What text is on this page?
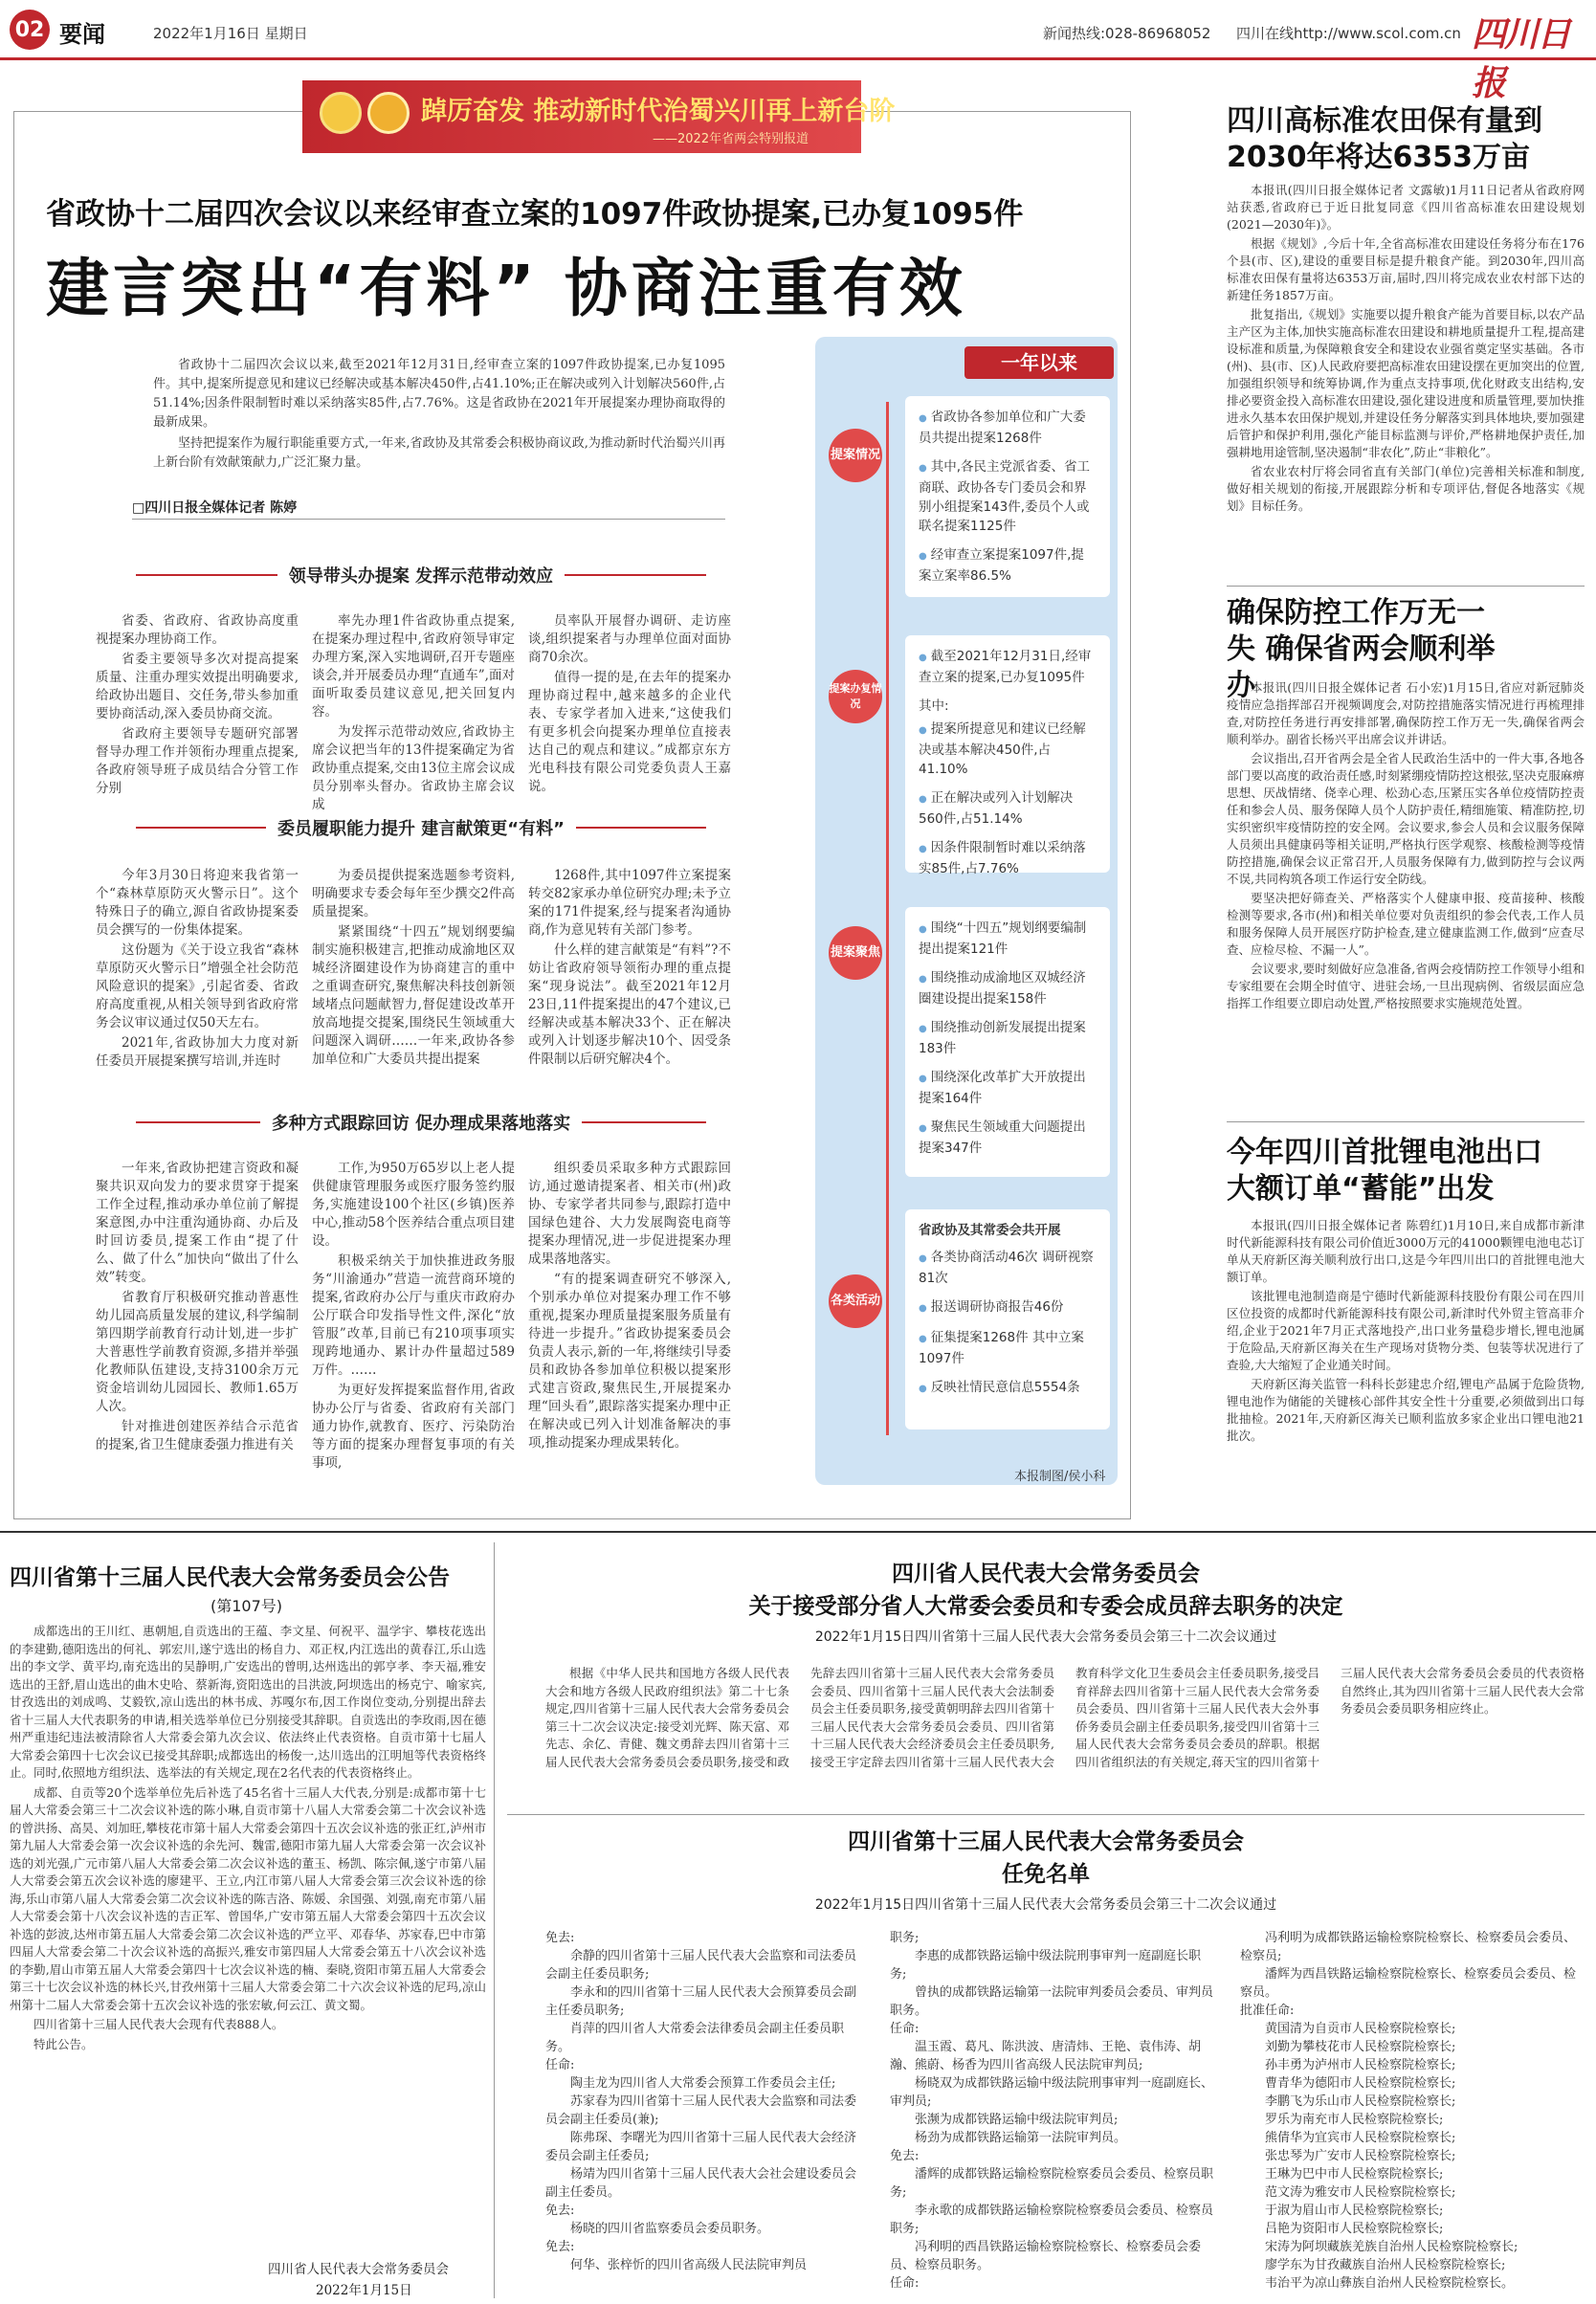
02 要闻	2022年1月16日 星期日	新闻热线:028-86968052 四川在线http://www.scol.com.cn 四川日报
踔厉奋发 推动新时代治蜀兴川再上新台阶
——2022年省两会特别报道
省政协十二届四次会议以来经审查立案的1097件政协提案,已办复1095件
建言突出“有料” 协商注重有效

省政协十二届四次会议以来,截至2021年12月31日,经审查立案的1097件政协提案,已办复1095件。其中,提案所提意见和建议已经解决或基本解决450件,占41.10%;正在解决或列入计划解决560件,占51.14%;因条件限制暂时难以采纳落实85件,占7.76%。这是省政协在2021年开展提案办理协商取得的最新成果。

坚持把提案作为履行职能重要方式,一年来,省政协及其常委会积极协商议政,为推动新时代治蜀兴川再上新台阶有效献策献力,广泛汇聚力量。

□四川日报全媒体记者 陈婷
领导带头办提案 发挥示范带动效应

省委、省政府、省政协高度重视提案办理协商工作。

省委主要领导多次对提高提案质量、注重办理实效提出明确要求,给政协出题目、交任务,带头参加重要协商活动,深入委员协商交流。

省政府主要领导专题研究部署督导办理工作并领衔办理重点提案,各政府领导班子成员结合分管工作分别

率先办理1件省政协重点提案,在提案办理过程中,省政府领导审定办理方案,深入实地调研,召开专题座谈会,并开展委员办理“直通车”,面对面听取委员建议意见,把关回复内容。

为发挥示范带动效应,省政协主席会议把当年的13件提案确定为省政协重点提案,交由13位主席会议成员分别率头督办。省政协主席会议成

员率队开展督办调研、走访座谈,组织提案者与办理单位面对面协商70余次。

值得一提的是,在去年的提案办理协商过程中,越来越多的企业代表、专家学者加入进来,“这使我们有更多机会向提案办理单位直接表达自己的观点和建议。”成都京东方光电科技有限公司党委负责人王嘉说。

委员履职能力提升 建言献策更“有料”

今年3月30日将迎来我省第一个“森林草原防灭火警示日”。这个特殊日子的确立,源自省政协提案委员会撰写的一份集体提案。

这份题为《关于设立我省“森林草原防灭火警示日”增强全社会防范风险意识的提案》,引起省委、省政府高度重视,从相关领导到省政府常务会议审议通过仅50天左右。

2021年,省政协加大力度对新任委员开展提案撰写培训,并连时

为委员提供提案选题参考资料,明确要求专委会每年至少撰交2件高质量提案。

紧紧围绕“十四五”规划纲要编制实施积极建言,把推动成渝地区双城经济圈建设作为协商建言的重中之重调查研究,聚焦解决科技创新领域堵点问题献智力,督促建设改革开放高地提交提案,围绕民生领域重大问题深入调研……一年来,政协各参加单位和广大委员共提出提案

1268件,其中1097件立案提案转交82家承办单位研究办理;未予立案的171件提案,经与提案者沟通协商,作为意见转有关部门参考。

什么样的建言献策是“有料”?不妨让省政府领导领衔办理的重点提案“现身说法”。截至2021年12月23日,11件提案提出的47个建议,已经解决或基本解决33个、正在解决或列入计划逐步解决10个、因受条件限制以后研究解决4个。

多种方式跟踪回访 促办理成果落地落实

一年来,省政协把建言资政和凝聚共识双向发力的要求贯穿于提案工作全过程,推动承办单位前了解提案意图,办中注重沟通协商、办后及时回访委员,提案工作由“提了什么、做了什么”加快向“做出了什么效”转变。

省教育厅积极研究推动普惠性幼儿园高质量发展的建议,科学编制第四期学前教育行动计划,进一步扩大普惠性学前教育资源,多措并举强化教师队伍建设,支持3100余万元资金培训幼儿园园长、教师1.65万人次。

针对推进创建医养结合示范省的提案,省卫生健康委强力推进有关

工作,为950万65岁以上老人提供健康管理服务或医疗服务签约服务,实施建设100个社区(乡镇)医养中心,推动58个医养结合重点项目建设。

积极采纳关于加快推进政务服务“川渝通办”营造一流营商环境的提案,省政府办公厅与重庆市政府办公厅联合印发指导性文件,深化“放管服”改革,目前已有210项事项实现跨地通办、累计办件量超过589万件。……

为更好发挥提案监督作用,省政协办公厅与省委、省政府有关部门通力协作,就教育、医疗、污染防治等方面的提案办理督复事项的有关事项,

组织委员采取多种方式跟踪回访,通过邀请提案者、相关市(州)政协、专家学者共同参与,跟踪打造中国绿色建谷、大力发展陶瓷电商等提案办理情况,进一步促进提案办理成果落地落实。

“有的提案调查研究不够深入,个别承办单位对提案办理工作不够重视,提案办理质量提案服务质量有待进一步提升。”省政协提案委员会负责人表示,新的一年,将继续引导委员和政协各参加单位积极以提案形式建言资政,聚焦民生,开展提案办理“回头看”,跟踪落实提案办理中正在解决或已列入计划准备解决的事项,推动提案办理成果转化。

一年以来
提案情况
提案办复情况
提案聚焦
各类活动
● 省政协各参加单位和广大委员共提出提案1268件
● 其中,各民主党派省委、省工商联、政协各专门委员会和界别小组提案143件,委员个人或联名提案1125件
● 经审查立案提案1097件,提案立案率86.5%
● 截至2021年12月31日,经审查立案的提案,已办复1095件
其中:
● 提案所提意见和建议已经解决或基本解决450件,占41.10%
● 正在解决或列入计划解决560件,占51.14%
● 因条件限制暂时难以采纳落实85件,占7.76%
● 围绕“十四五”规划纲要编制提出提案121件
● 围绕推动成渝地区双城经济圈建设提出提案158件
● 围绕推动创新发展提出提案183件
● 围绕深化改革扩大开放提出提案164件
● 聚焦民生领域重大问题提出提案347件
省政协及其常委会共开展
● 各类协商活动46次 调研视察81次
● 报送调研协商报告46份
● 征集提案1268件 其中立案1097件
● 反映社情民意信息5554条
本报制图/侯小科
四川高标准农田保有量到2030年将达6353万亩

本报讯(四川日报全媒体记者 文露敏)1月11日记者从省政府网站获悉,省政府已于近日批复同意《四川省高标准农田建设规划(2021—2030年)》。

根据《规划》,今后十年,全省高标准农田建设任务将分布在176个县(市、区),建设的重要目标是提升粮食产能。到2030年,四川高标准农田保有量将达6353万亩,届时,四川将完成农业农村部下达的新建任务1857万亩。

批复指出,《规划》实施要以提升粮食产能为首要目标,以农产品主产区为主体,加快实施高标准农田建设和耕地质量提升工程,提高建设标准和质量,为保障粮食安全和建设农业强省奠定坚实基础。各市(州)、县(市、区)人民政府要把高标准农田建设摆在更加突出的位置,加强组织领导和统筹协调,作为重点支持事项,优化财政支出结构,安排必要资金投入高标准农田建设,强化建设进度和质量管理,要加快推进永久基本农田保护规划,并建设任务分解落实到具体地块,要加强建后管护和保护利用,强化产能目标监测与评价,严格耕地保护责任,加强耕地用途管制,坚决遏制“非农化”,防止“非粮化”。

省农业农村厅将会同省直有关部门(单位)完善相关标准和制度,做好相关规划的衔接,开展跟踪分析和专项评估,督促各地落实《规划》目标任务。

确保防控工作万无一失 确保省两会顺利举办

本报讯(四川日报全媒体记者 石小宏)1月15日,省应对新冠肺炎疫情应急指挥部召开视频调度会,对防控措施落实情况进行再梳理排查,对防控任务进行再安排部署,确保防控工作万无一失,确保省两会顺利举办。副省长杨兴平出席会议并讲话。

会议指出,召开省两会是全省人民政治生活中的一件大事,各地各部门要以高度的政治责任感,时刻紧绷疫情防控这根弦,坚决克服麻痹思想、厌战情绪、侥幸心理、松劲心态,压紧压实各单位疫情防控责任和参会人员、服务保障人员个人防护责任,精细施策、精准防控,切实织密织牢疫情防控的安全网。会议要求,参会人员和会议服务保障人员须出具健康码等相关证明,严格执行医学观察、核酸检测等疫情防控措施,确保会议正常召开,人员服务保障有力,做到防控与会议两不误,共同构筑各项工作运行安全防线。

要坚决把好筛查关、严格落实个人健康申报、疫苗接种、核酸检测等要求,各市(州)和相关单位要对负责组织的参会代表,工作人员和服务保障人员开展医疗防护检查,建立健康监测工作,做到“应查尽查、应检尽检、不漏一人”。

会议要求,要时刻做好应急准备,省两会疫情防控工作领导小组和专家组要在会期全时值守、进驻会场,一旦出现病例、省级层面应急指挥工作组要立即启动处置,严格按照要求实施规范处置。

今年四川首批锂电池出口大额订单“蓄能”出发

本报讯(四川日报全媒体记者 陈碧红)1月10日,来自成都市新津时代新能源科技有限公司价值近3000万元的41000颗锂电池电芯订单从天府新区海关顺利放行出口,这是今年四川出口的首批锂电池大额订单。

该批锂电池制造商是宁德时代新能源科技股份有限公司在四川区位投资的成都时代新能源科技有限公司,新津时代外贸主管高菲介绍,企业于2021年7月正式落地投产,出口业务量稳步增长,锂电池属于危险品,天府新区海关在生产现场对货物分类、包装等状况进行了查验,大大缩短了企业通关时间。

天府新区海关监管一科科长彭建忠介绍,锂电产品属于危险货物,锂电池作为储能的关键核心部件其安全性十分重要,必须做到出口每批抽检。2021年,天府新区海关已顺利监放多家企业出口锂电池21批次。

四川省第十三届人民代表大会常务委员会公告
(第107号)

成都选出的王川红、惠朝旭,自贡选出的王蕴、李文星、何祝平、温学宇、攀枝花选出的李建勤,德阳选出的何礼、郭宏川,遂宁选出的杨自力、邓正权,内江选出的黄春江,乐山选出的李文学、黄平均,南充选出的吴静明,广安选出的曾明,达州选出的郭亨孝、李天福,雅安选出的王舒,眉山选出的曲木史哈、蔡新海,资阳选出的吕洪波,阿坝选出的杨克宁、喻家宾,甘孜选出的刘成鸣、艾毅钦,凉山选出的林书成、苏嘎尔布,因工作岗位变动,分别提出辞去省十三届人大代表职务的申请,相关选举单位已分别接受其辞职。自贡选出的李玫雨,因在德州严重违纪违法被清除省人大常委会第九次会议、依法终止代表资格。自贡市第十七届人大常委会第四十七次会议已接受其辞职;成都选出的杨俊一,达川选出的江明旭等代表资格终止。同时,依照地方组织法、选举法的有关规定,现在2名代表的代表资格终止。

成都、自贡等20个选举单位先后补选了45名省十三届人大代表,分别是:成都市第十七届人大常委会第三十二次会议补选的陈小琳,自贡市第十八届人大常委会第二十次会议补选的曾洪扬、高昊、刘加旺,攀枝花市第十届人大常委会第四十五次会议补选的张正红,泸州市第九届人大常委会第一次会议补选的余先河、魏雷,德阳市第九届人大常委会第一次会议补选的刘光强,广元市第八届人大常委会第二次会议补选的董玉、杨凯、陈宗佩,遂宁市第八届人大常委会第五次会议补选的廖建平、王立,内江市第八届人大常委会第三次会议补选的徐海,乐山市第八届人大常委会第二次会议补选的陈吉洛、陈媛、余国强、刘强,南充市第八届人大常委会第十八次会议补选的吉正军、曾国华,广安市第五届人大常委会第四十五次会议补选的彭波,达州市第五届人大常委会第二次会议补选的严立平、邓春华、苏家春,巴中市第四届人大常委会第二十次会议补选的高振兴,雅安市第四届人大常委会第五十八次会议补选的李勤,眉山市第五届人大常委会第四十七次会议补选的楠、秦晓,资阳市第五届人大常委会第三十七次会议补选的林长兴,甘孜州第十三届人大常委会第二十六次会议补选的尼玛,凉山州第十二届人大常委会第十五次会议补选的张宏敏,何云江、黄文蜀。

四川省第十三届人民代表大会现有代表888人。

特此公告。

四川省人民代表大会常务委员会
2022年1月15日
四川省人民代表大会常务委员会
关于接受部分省人大常委会委员和专委会成员辞去职务的决定
2022年1月15日四川省第十三届人民代表大会常务委员会第三十二次会议通过

根据《中华人民共和国地方各级人民代表大会和地方各级人民政府组织法》第二十七条规定,四川省第十三届人民代表大会常务委员会第三十二次会议决定:接受刘光辉、陈天富、邓先志、余亿、青健、魏文勇辞去四川省第十三届人民代表大会常务委员会委员职务,接受和政先辞去四川省第十三届人民代表大会常务委员会委员、四川省第十三届人民代表大会法制委员会主任委员职务,接受黄朝明辞去四川省第十三届人民代表大会常务委员会委员、四川省第十三届人民代表大会经济委员会主任委员职务,接受王宇定辞去四川省第十三届人民代表大会教育科学文化卫生委员会主任委员职务,接受吕育祥辞去四川省第十三届人民代表大会常务委员会委员、四川省第十三届人民代表大会外事侨务委员会副主任委员职务,接受四川省第十三届人民代表大会常务委员会委员的辞职。根据四川省组织法的有关规定,蒋天宝的四川省第十三届人民代表大会常务委员会委员的代表资格自然终止,其为四川省第十三届人民代表大会常务委员会委员职务相应终止。

四川省第十三届人民代表大会常务委员会
任免名单
2022年1月15日四川省第十三届人民代表大会常务委员会第三十二次会议通过
免去:
余静的四川省第十三届人民代表大会监察和司法委员会副主任委员职务;
李永和的四川省第十三届人民代表大会预算委员会副主任委员职务;
肖萍的四川省人大常委会法律委员会副主任委员职务。
任命:
陶圭龙为四川省人大常委会预算工作委员会主任;
苏家春为四川省第十三届人民代表大会监察和司法委员会副主任委员(兼);
陈弗琛、李曙光为四川省第十三届人民代表大会经济委员会副主任委员;
杨靖为四川省第十三届人民代表大会社会建设委员会副主任委员。
免去:
杨晓的四川省监察委员会委员职务。
免去:
何华、张梓忻的四川省高级人民法院审判员
职务;
李惠的成都铁路运输中级法院刑事审判一庭副庭长职务;
曾执的成都铁路运输第一法院审判委员会委员、审判员职务。
任命:
温玉霞、葛凡、陈洪波、唐清炜、王艳、袁伟涛、胡瀚、熊蔚、杨香为四川省高级人民法院审判员;
杨晓双为成都铁路运输中级法院刑事审判一庭副庭长、审判员;
张濒为成都铁路运输中级法院审判员;
杨劲为成都铁路运输第一法院审判员。
免去:
潘辉的成都铁路运输检察院检察委员会委员、检察员职务;
李永歌的成都铁路运输检察院检察委员会委员、检察员职务;
冯利明的西昌铁路运输检察院检察长、检察委员会委员、检察员职务。
任命:
冯利明为成都铁路运输检察院检察长、检察委员会委员、检察员;
潘辉为西昌铁路运输检察院检察长、检察委员会委员、检察员。
批准任命:
黄国清为自贡市人民检察院检察长;
刘勤为攀枝花市人民检察院检察长;
孙丰勇为泸州市人民检察院检察长;
曹青华为德阳市人民检察院检察长;
李鹏飞为乐山市人民检察院检察长;
罗乐为南充市人民检察院检察长;
熊倩华为宜宾市人民检察院检察长;
张忠琴为广安市人民检察院检察长;
王琳为巴中市人民检察院检察长;
范文涛为雅安市人民检察院检察长;
于淑为眉山市人民检察院检察长;
吕艳为资阳市人民检察院检察长;
宋涛为阿坝藏族羌族自治州人民检察院检察长;
廖学东为甘孜藏族自治州人民检察院检察长;
韦治平为凉山彝族自治州人民检察院检察长。
